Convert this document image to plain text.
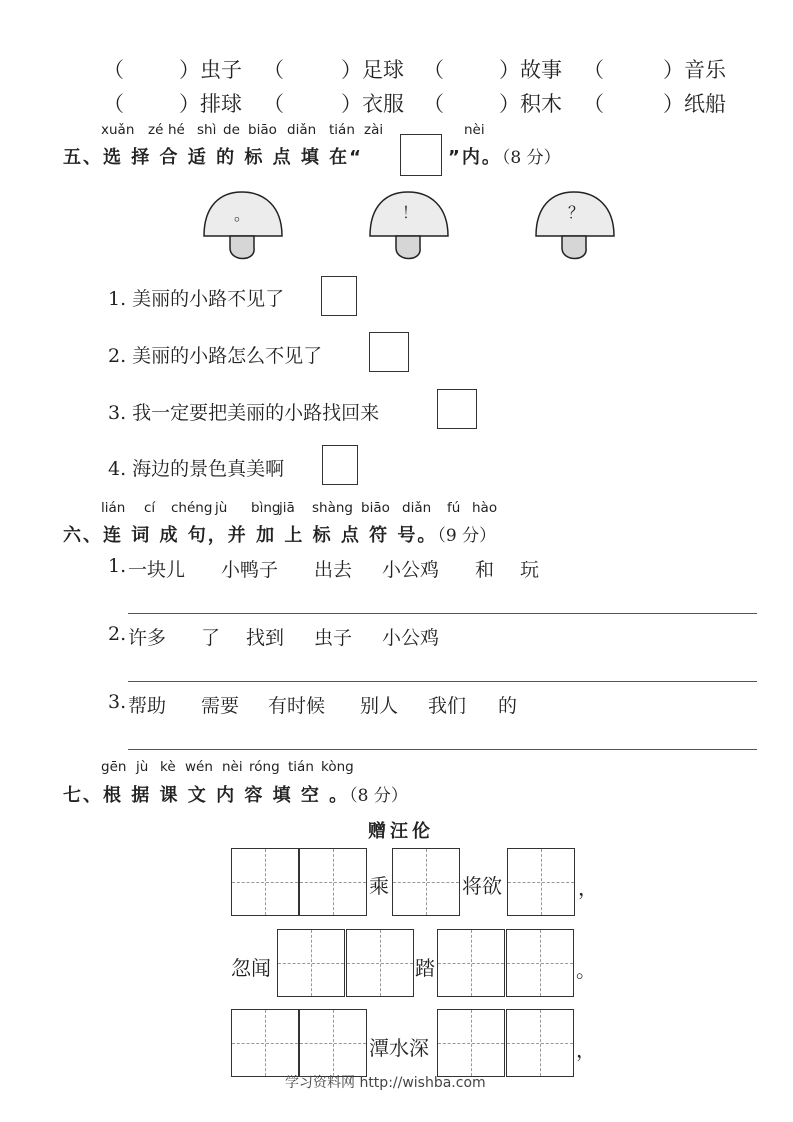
（	）虫子 （	）足球 （	）故事 （	）音乐
（	）排球 （	）衣服 （	）积木 （	）纸船
xuǎn zé hé shì de biāo diǎn tián zài	nèi
五、选 择 合 适 的 标 点 填 在“	”内。（8 分）
。	！	？
1. 美丽的小路不见了
2. 美丽的小路怎么不见了
3. 我一定要把美丽的小路找回来
4. 海边的景色真美啊
lián cí chéng jù bìng
jiā shàng biāo diǎn fú hào
六、连 词 成 句，并 加 上 标 点 符 号。（9 分）
1. 一块儿 小鸭子 出去 小公鸡 和 玩
2. 许多 了 找到 虫子 小公鸡
3. 帮助 需要 有时候 别人 我们 的
gēn jù kè wén nèi róng tián kòng
七、根 据 课 文 内 容 填 空 。（8 分）
赠汪伦
乘	将欲	，
忽闻	踏	。
潭水深	，
学习资料网 http://wishba.com
